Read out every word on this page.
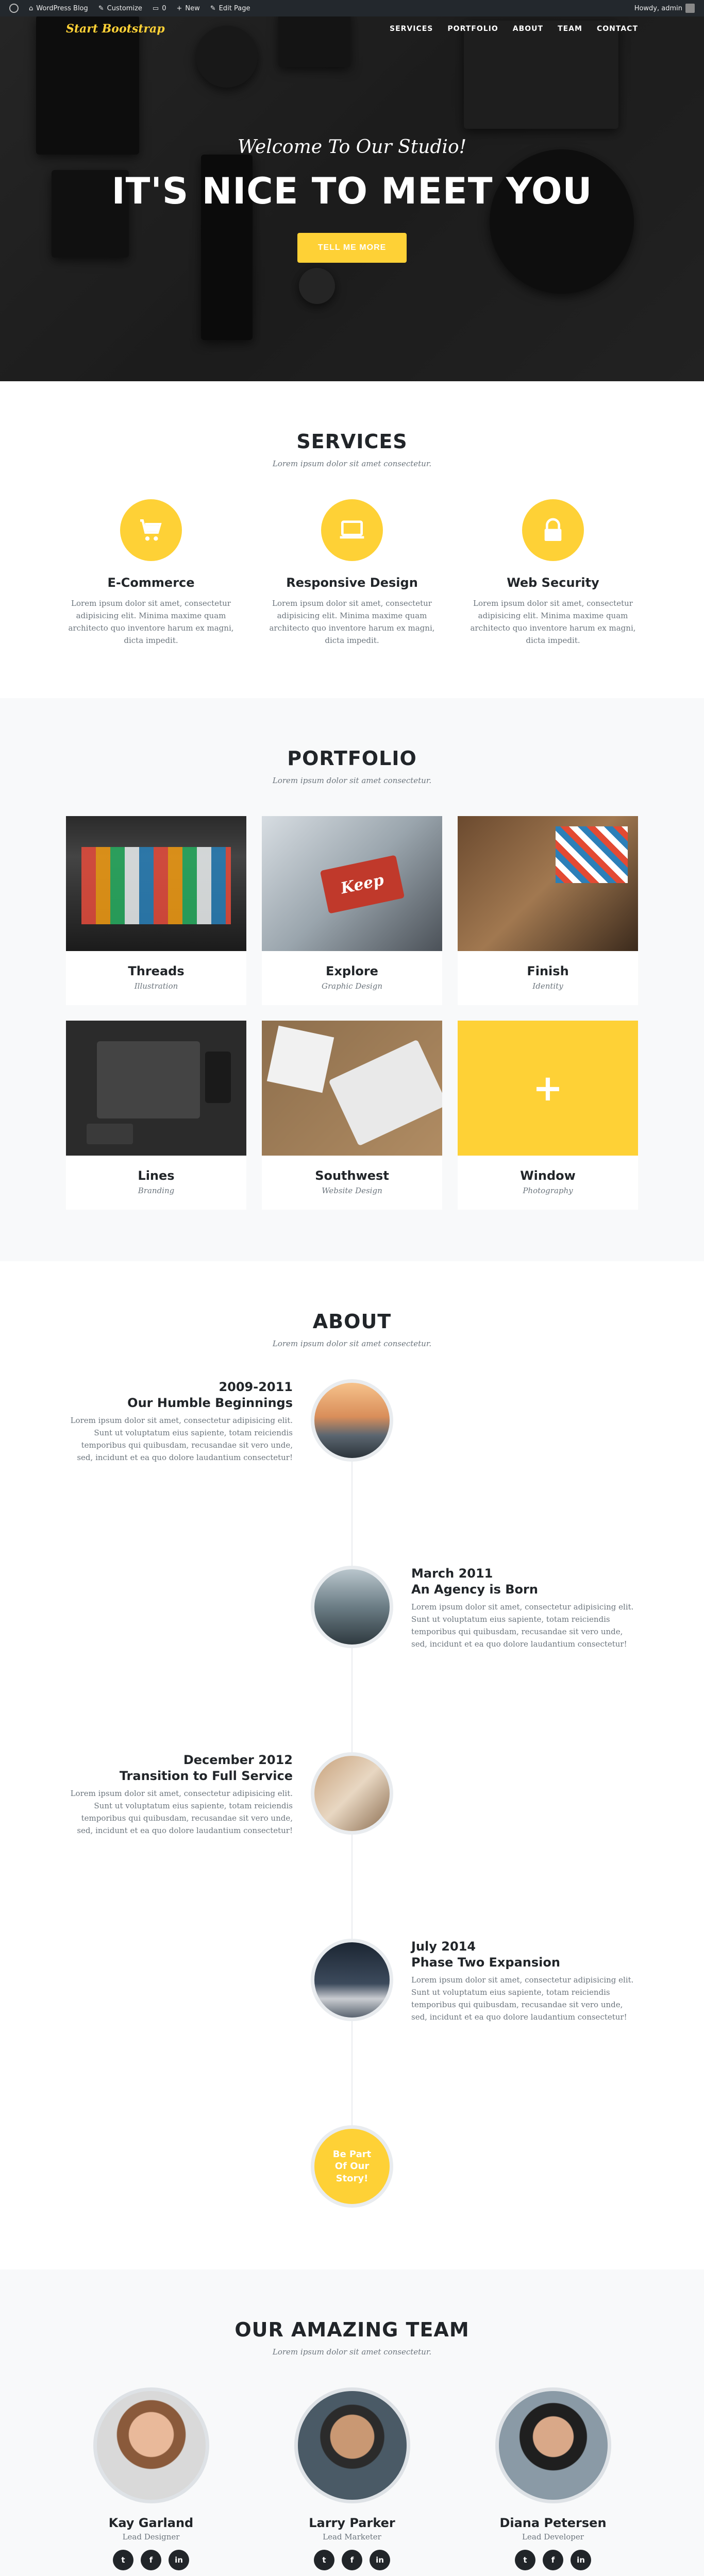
⌂ WordPress Blog ✎ Customize ▭ 0 + New ✎ Edit Page	Howdy, admin
Start Bootstrap	SERVICES PORTFOLIO ABOUT TEAM CONTACT
Welcome To Our Studio!
IT'S NICE TO MEET YOU
TELL ME MORE
SERVICES
Lorem ipsum dolor sit amet consectetur.
E-Commerce

Lorem ipsum dolor sit amet, consectetur adipisicing elit. Minima maxime quam architecto quo inventore harum ex magni, dicta impedit.

Responsive Design

Lorem ipsum dolor sit amet, consectetur adipisicing elit. Minima maxime quam architecto quo inventore harum ex magni, dicta impedit.

Web Security

Lorem ipsum dolor sit amet, consectetur adipisicing elit. Minima maxime quam architecto quo inventore harum ex magni, dicta impedit.

PORTFOLIO
Lorem ipsum dolor sit amet consectetur.
Threads

Illustration

Keep
Explore

Graphic Design

Finish

Identity

Lines

Branding

Southwest

Website Design

+
Window

Photography

ABOUT
Lorem ipsum dolor sit amet consectetur.
2009-2011
Our Humble Beginnings

Lorem ipsum dolor sit amet, consectetur adipisicing elit. Sunt ut voluptatum eius sapiente, totam reiciendis temporibus qui quibusdam, recusandae sit vero unde, sed, incidunt et ea quo dolore laudantium consectetur!

March 2011
An Agency is Born

Lorem ipsum dolor sit amet, consectetur adipisicing elit. Sunt ut voluptatum eius sapiente, totam reiciendis temporibus qui quibusdam, recusandae sit vero unde, sed, incidunt et ea quo dolore laudantium consectetur!

December 2012
Transition to Full Service

Lorem ipsum dolor sit amet, consectetur adipisicing elit. Sunt ut voluptatum eius sapiente, totam reiciendis temporibus qui quibusdam, recusandae sit vero unde, sed, incidunt et ea quo dolore laudantium consectetur!

July 2014
Phase Two Expansion

Lorem ipsum dolor sit amet, consectetur adipisicing elit. Sunt ut voluptatum eius sapiente, totam reiciendis temporibus qui quibusdam, recusandae sit vero unde, sed, incidunt et ea quo dolore laudantium consectetur!

Be Part
Of Our
Story!
OUR AMAZING TEAM
Lorem ipsum dolor sit amet consectetur.
Kay Garland

Lead Designer

t	f	in
Larry Parker

Lead Marketer

t	f	in
Diana Petersen

Lead Developer

t	f	in
